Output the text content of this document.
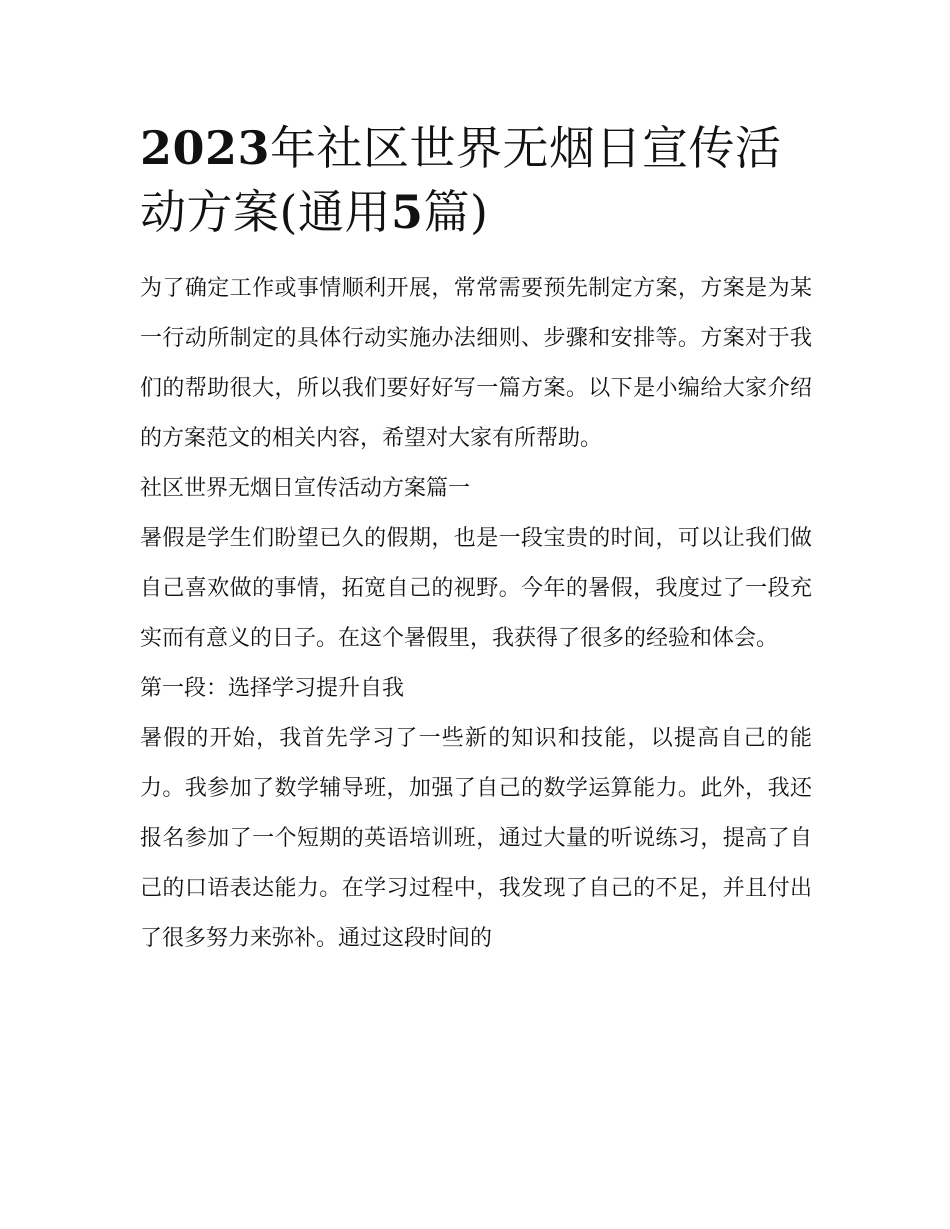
2023年社区世界无烟日宣传活动方案(通用5篇)

为了确定工作或事情顺利开展，常常需要预先制定方案，方案是为某一行动所制定的具体行动实施办法细则、步骤和安排等。方案对于我们的帮助很大，所以我们要好好写一篇方案。以下是小编给大家介绍的方案范文的相关内容，希望对大家有所帮助。

社区世界无烟日宣传活动方案篇一

暑假是学生们盼望已久的假期，也是一段宝贵的时间，可以让我们做自己喜欢做的事情，拓宽自己的视野。今年的暑假，我度过了一段充实而有意义的日子。在这个暑假里，我获得了很多的经验和体会。

第一段：选择学习提升自我

暑假的开始，我首先学习了一些新的知识和技能，以提高自己的能力。我参加了数学辅导班，加强了自己的数学运算能力。此外，我还报名参加了一个短期的英语培训班，通过大量的听说练习，提高了自己的口语表达能力。在学习过程中，我发现了自己的不足，并且付出了很多努力来弥补。通过这段时间的
